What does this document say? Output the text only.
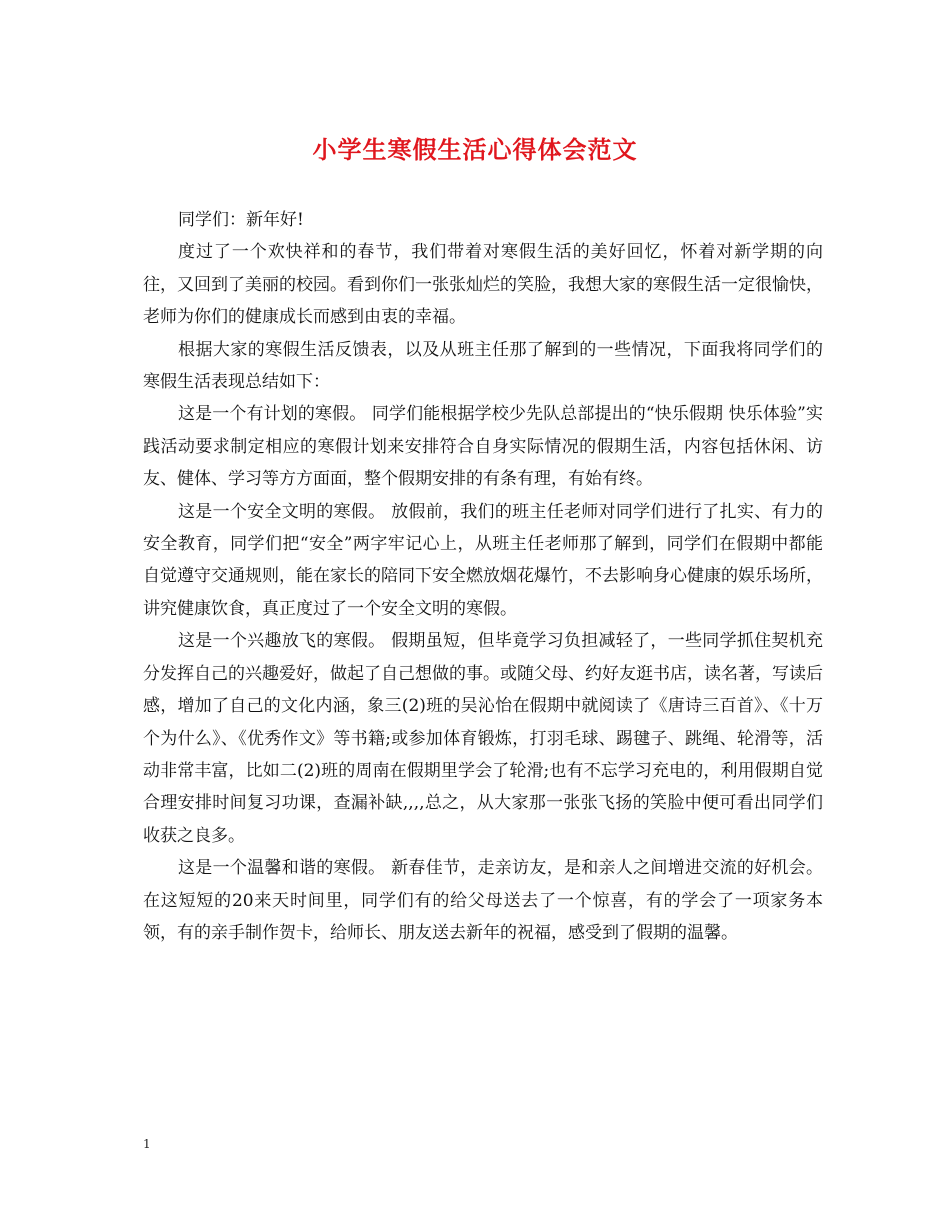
小学生寒假生活心得体会范文

同学们：新年好!

度过了一个欢快祥和的春节，我们带着对寒假生活的美好回忆，怀着对新学期的向往，又回到了美丽的校园。看到你们一张张灿烂的笑脸，我想大家的寒假生活一定很愉快，老师为你们的健康成长而感到由衷的幸福。

根据大家的寒假生活反馈表，以及从班主任那了解到的一些情况，下面我将同学们的寒假生活表现总结如下：

这是一个有计划的寒假。 同学们能根据学校少先队总部提出的“快乐假期 快乐体验”实践活动要求制定相应的寒假计划来安排符合自身实际情况的假期生活，内容包括休闲、访友、健体、学习等方方面面，整个假期安排的有条有理，有始有终。

这是一个安全文明的寒假。 放假前，我们的班主任老师对同学们进行了扎实、有力的安全教育，同学们把“安全”两字牢记心上，从班主任老师那了解到，同学们在假期中都能自觉遵守交通规则，能在家长的陪同下安全燃放烟花爆竹，不去影响身心健康的娱乐场所，讲究健康饮食，真正度过了一个安全文明的寒假。

这是一个兴趣放飞的寒假。 假期虽短，但毕竟学习负担减轻了，一些同学抓住契机充分发挥自己的兴趣爱好，做起了自己想做的事。或随父母、约好友逛书店，读名著，写读后感，增加了自己的文化内涵，象三(2)班的吴沁怡在假期中就阅读了《唐诗三百首》、《十万个为什么》、《优秀作文》等书籍;或参加体育锻炼，打羽毛球、踢毽子、跳绳、轮滑等，活动非常丰富，比如二(2)班的周南在假期里学会了轮滑;也有不忘学习充电的，利用假期自觉合理安排时间复习功课，查漏补缺,,,,总之，从大家那一张张飞扬的笑脸中便可看出同学们收获之良多。

这是一个温馨和谐的寒假。 新春佳节，走亲访友，是和亲人之间增进交流的好机会。在这短短的20来天时间里，同学们有的给父母送去了一个惊喜，有的学会了一项家务本领，有的亲手制作贺卡，给师长、朋友送去新年的祝福，感受到了假期的温馨。

1
